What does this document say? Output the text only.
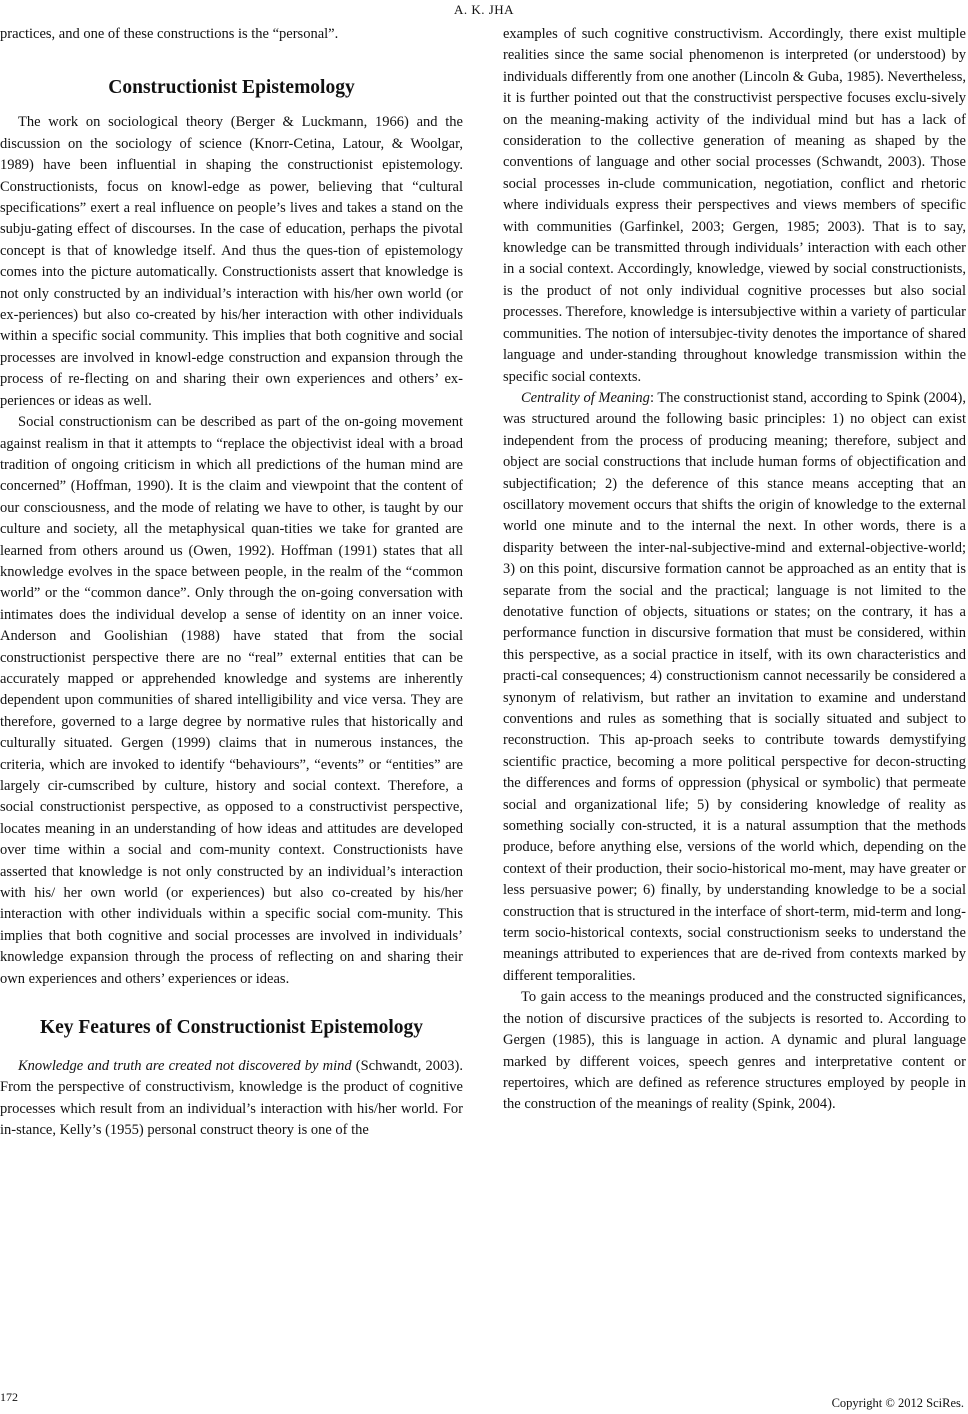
A. K. JHA

practices, and one of these constructions is the “personal”.

Constructionist Epistemology

The work on sociological theory (Berger & Luckmann, 1966) and the discussion on the sociology of science (Knorr-Cetina, Latour, & Woolgar, 1989) have been influential in shaping the constructionist epistemology. Constructionists, focus on knowl-edge as power, believing that “cultural specifications” exert a real influence on people’s lives and takes a stand on the subju-gating effect of discourses. In the case of education, perhaps the pivotal concept is that of knowledge itself. And thus the ques-tion of epistemology comes into the picture automatically. Constructionists assert that knowledge is not only constructed by an individual’s interaction with his/her own world (or ex-periences) but also co-created by his/her interaction with other individuals within a specific social community. This implies that both cognitive and social processes are involved in knowl-edge construction and expansion through the process of re-flecting on and sharing their own experiences and others’ ex-periences or ideas as well.

Social constructionism can be described as part of the on-going movement against realism in that it attempts to “replace the objectivist ideal with a broad tradition of ongoing criticism in which all predictions of the human mind are concerned” (Hoffman, 1990). It is the claim and viewpoint that the content of our consciousness, and the mode of relating we have to other, is taught by our culture and society, all the metaphysical quan-tities we take for granted are learned from others around us (Owen, 1992). Hoffman (1991) states that all knowledge evolves in the space between people, in the realm of the “common world” or the “common dance”. Only through the on-going conversation with intimates does the individual develop a sense of identity on an inner voice. Anderson and Goolishian (1988) have stated that from the social constructionist perspective there are no “real” external entities that can be accurately mapped or apprehended knowledge and systems are inherently dependent upon communities of shared intelligibility and vice versa. They are therefore, governed to a large degree by normative rules that historically and culturally situated. Gergen (1999) claims that in numerous instances, the criteria, which are invoked to identify “behaviours”, “events” or “entities” are largely cir-cumscribed by culture, history and social context. Therefore, a social constructionist perspective, as opposed to a constructivist perspective, locates meaning in an understanding of how ideas and attitudes are developed over time within a social and com-munity context. Constructionists have asserted that knowledge is not only constructed by an individual’s interaction with his/ her own world (or experiences) but also co-created by his/her interaction with other individuals within a specific social com-munity. This implies that both cognitive and social processes are involved in individuals’ knowledge expansion through the process of reflecting on and sharing their own experiences and others’ experiences or ideas.

Key Features of Constructionist Epistemology

Knowledge and truth are created not discovered by mind (Schwandt, 2003). From the perspective of constructivism, knowledge is the product of cognitive processes which result from an individual’s interaction with his/her world. For in-stance, Kelly’s (1955) personal construct theory is one of the

examples of such cognitive constructivism. Accordingly, there exist multiple realities since the same social phenomenon is interpreted (or understood) by individuals differently from one another (Lincoln & Guba, 1985). Nevertheless, it is further pointed out that the constructivist perspective focuses exclu-sively on the meaning-making activity of the individual mind but has a lack of consideration to the collective generation of meaning as shaped by the conventions of language and other social processes (Schwandt, 2003). Those social processes in-clude communication, negotiation, conflict and rhetoric where individuals express their perspectives and views members of specific with communities (Garfinkel, 2003; Gergen, 1985; 2003). That is to say, knowledge can be transmitted through individuals’ interaction with each other in a social context. Accordingly, knowledge, viewed by social constructionists, is the product of not only individual cognitive processes but also social processes. Therefore, knowledge is intersubjective within a variety of particular communities. The notion of intersubjec-tivity denotes the importance of shared language and under-standing throughout knowledge transmission within the specific social contexts.

Centrality of Meaning: The constructionist stand, according to Spink (2004), was structured around the following basic principles: 1) no object can exist independent from the process of producing meaning; therefore, subject and object are social constructions that include human forms of objectification and subjectification; 2) the deference of this stance means accepting that an oscillatory movement occurs that shifts the origin of knowledge to the external world one minute and to the internal the next. In other words, there is a disparity between the inter-nal-subjective-mind and external-objective-world; 3) on this point, discursive formation cannot be approached as an entity that is separate from the social and the practical; language is not limited to the denotative function of objects, situations or states; on the contrary, it has a performance function in discursive formation that must be considered, within this perspective, as a social practice in itself, with its own characteristics and practi-cal consequences; 4) constructionism cannot necessarily be considered a synonym of relativism, but rather an invitation to examine and understand conventions and rules as something that is socially situated and subject to reconstruction. This ap-proach seeks to contribute towards demystifying scientific practice, becoming a more political perspective for decon-structing the differences and forms of oppression (physical or symbolic) that permeate social and organizational life; 5) by considering knowledge of reality as something socially con-structed, it is a natural assumption that the methods produce, before anything else, versions of the world which, depending on the context of their production, their socio-historical mo-ment, may have greater or less persuasive power; 6) finally, by understanding knowledge to be a social construction that is structured in the interface of short-term, mid-term and long-term socio-historical contexts, social constructionism seeks to understand the meanings attributed to experiences that are de-rived from contexts marked by different temporalities.

To gain access to the meanings produced and the constructed significances, the notion of discursive practices of the subjects is resorted to. According to Gergen (1985), this is language in action. A dynamic and plural language marked by different voices, speech genres and interpretative content or repertoires, which are defined as reference structures employed by people in the construction of the meanings of reality (Spink, 2004).

172	Copyright © 2012 SciRes.
